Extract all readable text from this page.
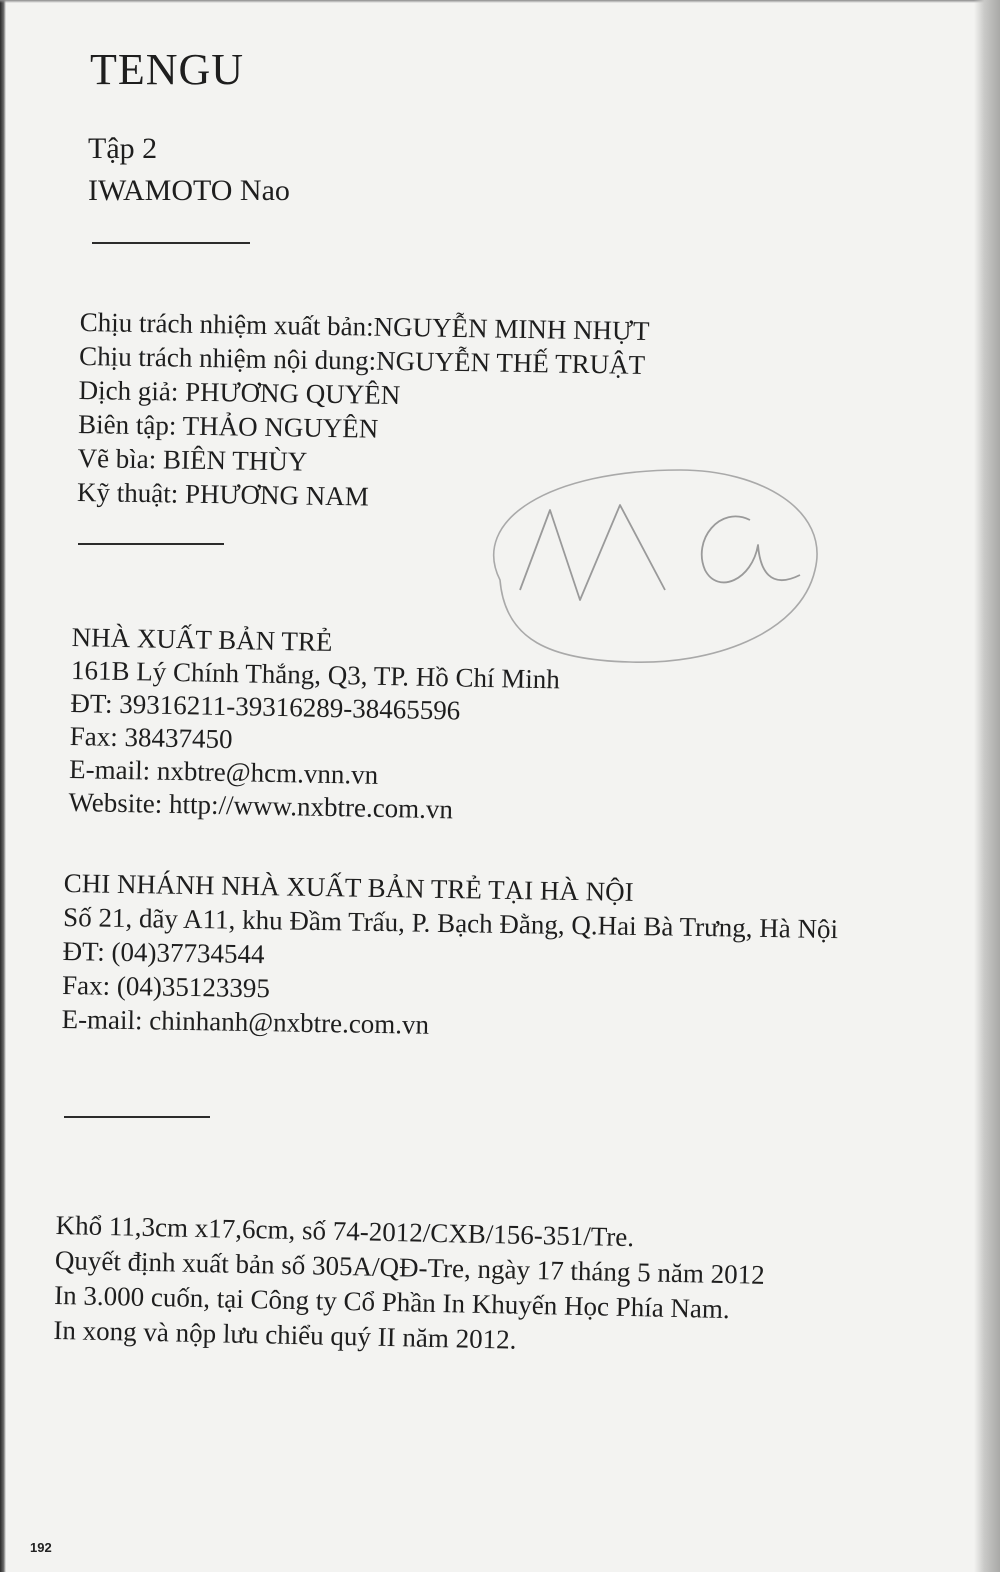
TENGU
Tập 2
IWAMOTO Nao
Chịu trách nhiệm xuất bản:NGUYỄN MINH NHỰT
Chịu trách nhiệm nội dung:NGUYỄN THẾ TRUẬT
Dịch giả: PHƯƠNG QUYÊN
Biên tập: THẢO NGUYÊN
Vẽ bìa: BIÊN THÙY
Kỹ thuật: PHƯƠNG NAM
NHÀ XUẤT BẢN TRẺ
161B Lý Chính Thắng, Q3, TP. Hồ Chí Minh
ĐT: 39316211-39316289-38465596
Fax: 38437450
E-mail: nxbtre@hcm.vnn.vn
Website: http://www.nxbtre.com.vn
CHI NHÁNH NHÀ XUẤT BẢN TRẺ TẠI HÀ NỘI
Số 21, dãy A11, khu Đầm Trấu, P. Bạch Đằng, Q.Hai Bà Trưng, Hà Nội
ĐT: (04)37734544
Fax: (04)35123395
E-mail: chinhanh@nxbtre.com.vn
Khổ 11,3cm x17,6cm, số 74-2012/CXB/156-351/Tre.
Quyết định xuất bản số 305A/QĐ-Tre, ngày 17 tháng 5 năm 2012
In 3.000 cuốn, tại Công ty Cổ Phần In Khuyến Học Phía Nam.
In xong và nộp lưu chiểu quý II năm 2012.
192
